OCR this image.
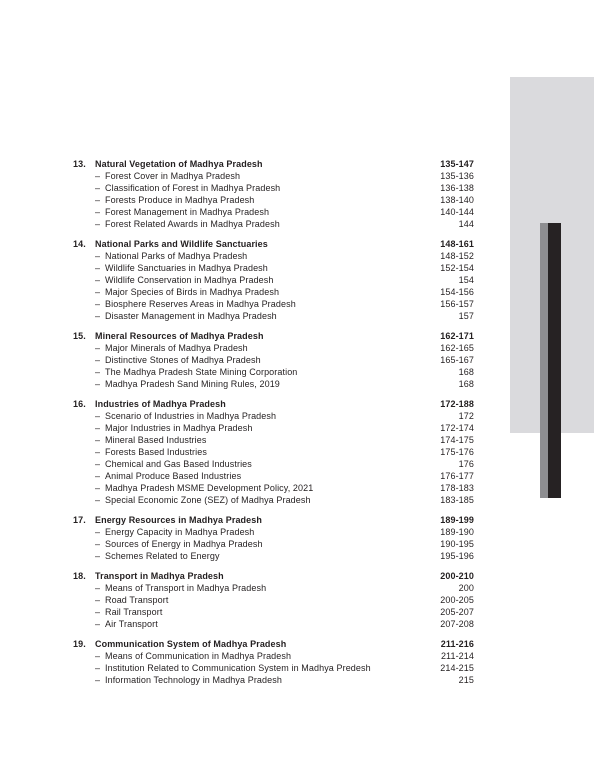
13.	Natural Vegetation of Madhya Pradesh	135-147
– Forest Cover in Madhya Pradesh	135-136
– Classification of Forest in Madhya Pradesh	136-138
– Forests Produce in Madhya Pradesh	138-140
– Forest Management in Madhya Pradesh	140-144
– Forest Related Awards in Madhya Pradesh	144
14.	National Parks and Wildlife Sanctuaries	148-161
– National Parks of Madhya Pradesh	148-152
– Wildlife Sanctuaries in Madhya Pradesh	152-154
– Wildlife Conservation in Madhya Pradesh	154
– Major Species of Birds in Madhya Pradesh	154-156
– Biosphere Reserves Areas in Madhya Pradesh	156-157
– Disaster Management in Madhya Pradesh	157
15.	Mineral Resources of Madhya Pradesh	162-171
– Major Minerals of Madhya Pradesh	162-165
– Distinctive Stones of Madhya Pradesh	165-167
– The Madhya Pradesh State Mining Corporation	168
– Madhya Pradesh Sand Mining Rules, 2019	168
16.	Industries of Madhya Pradesh	172-188
– Scenario of Industries in Madhya Pradesh	172
– Major Industries in Madhya Pradesh	172-174
– Mineral Based Industries	174-175
– Forests Based Industries	175-176
– Chemical and Gas Based Industries	176
– Animal Produce Based Industries	176-177
– Madhya Pradesh MSME Development Policy, 2021	178-183
– Special Economic Zone (SEZ) of Madhya Pradesh	183-185
17.	Energy Resources in Madhya Pradesh	189-199
– Energy Capacity in Madhya Pradesh	189-190
– Sources of Energy in Madhya Pradesh	190-195
– Schemes Related to Energy	195-196
18.	Transport in Madhya Pradesh	200-210
– Means of Transport in Madhya Pradesh	200
– Road Transport	200-205
– Rail Transport	205-207
– Air Transport	207-208
19.	Communication System of Madhya Pradesh	211-216
– Means of Communication in Madhya Pradesh	211-214
– Institution Related to Communication System in Madhya Predesh	214-215
– Information Technology in Madhya Pradesh	215
